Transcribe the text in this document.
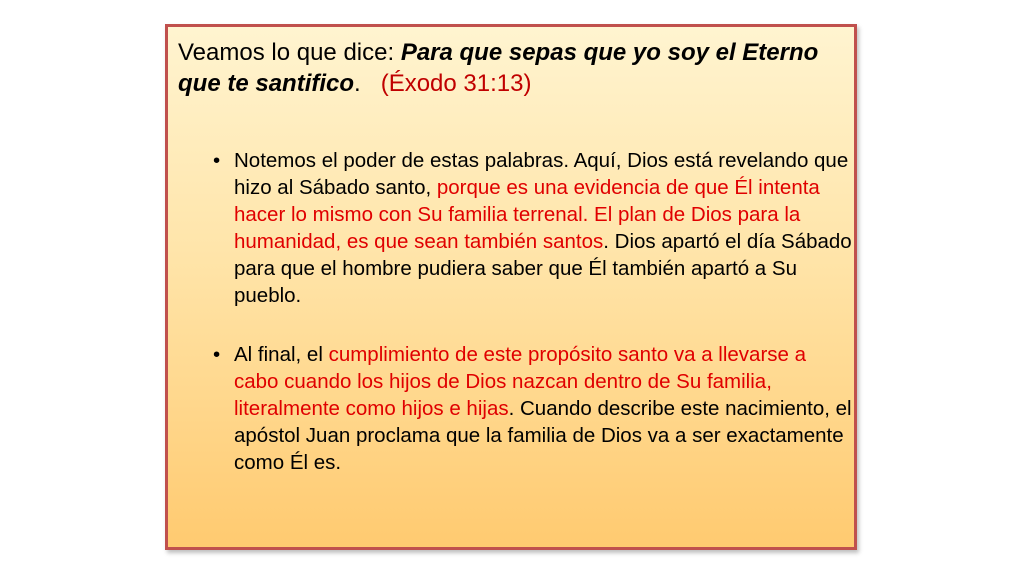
Veamos lo que dice: Para que sepas que yo soy el Eterno que te santifico. (Éxodo 31:13)

• Notemos el poder de estas palabras. Aquí, Dios está revelando que hizo al Sábado santo, porque es una evidencia de que Él intenta hacer lo mismo con Su familia terrenal. El plan de Dios para la humanidad, es que sean también santos. Dios apartó el día Sábado para que el hombre pudiera saber que Él también apartó a Su pueblo.
• Al final, el cumplimiento de este propósito santo va a llevarse a cabo cuando los hijos de Dios nazcan dentro de Su familia, literalmente como hijos e hijas. Cuando describe este nacimiento, el apóstol Juan proclama que la familia de Dios va a ser exactamente como Él es.
